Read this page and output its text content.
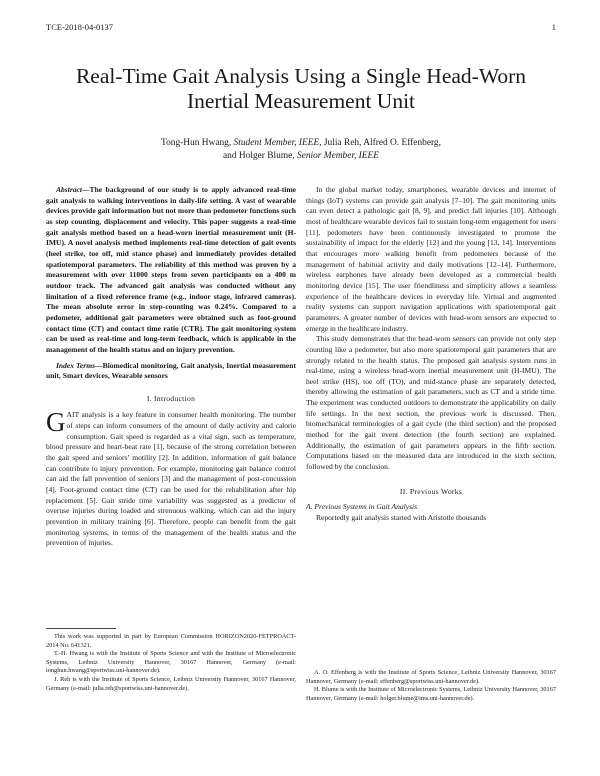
TCE-2018-04-0137	1
Real-Time Gait Analysis Using a Single Head-Worn Inertial Measurement Unit
Tong-Hun Hwang, Student Member, IEEE, Julia Reh, Alfred O. Effenberg,
and Holger Blume, Senior Member, IEEE

Abstract—The background of our study is to apply advanced real-time gait analysis to walking interventions in daily-life setting. A vast of wearable devices provide gait information but not more than pedometer functions such as step counting, displacement and velocity. This paper suggests a real-time gait analysis method based on a head-worn inertial measurement unit (H-IMU). A novel analysis method implements real-time detection of gait events (heel strike, toe off, mid stance phase) and immediately provides detailed spatiotemporal parameters. The reliability of this method was proven by a measurement with over 11000 steps from seven participants on a 400 m outdoor track. The advanced gait analysis was conducted without any limitation of a fixed reference frame (e.g., indoor stage, infrared cameras). The mean absolute error in step-counting was 0.24%. Compared to a pedometer, additional gait parameters were obtained such as foot-ground contact time (CT) and contact time ratio (CTR). The gait monitoring system can be used as real-time and long-term feedback, which is applicable in the management of the health status and on injury prevention.

Index Terms—Biomedical monitoring, Gait analysis, Inertial measurement unit, Smart devices, Wearable sensors

I. Introduction

GAIT analysis is a key feature in consumer health monitoring. The number of steps can inform consumers of the amount of daily activity and calorie consumption. Gait speed is regarded as a vital sign, such as temperature, blood pressure and heart-beat rate [1], because of the strong correlation between the gait speed and seniors’ motility [2]. In addition, information of gait balance can contribute to injury prevention. For example, monitoring gait balance control can aid the fall prevention of seniors [3] and the management of post-concussion [4]. Foot-ground contact time (CT) can be used for the rehabilitation after hip replacement [5]. Gait stride time variability was suggested as a predictor of overuse injuries during loaded and strenuous walking, which can aid the injury prevention in military training [6]. Therefore, people can benefit from the gait monitoring systems, in terms of the management of the health status and the prevention of injuries.

In the global market today, smartphones, wearable devices and internet of things (IoT) systems can provide gait analysis [7–10]. The gait monitoring units can even detect a pathologic gait [8, 9], and predict fall injuries [10]. Although most of healthcare wearable devices fail to sustain long-term engagement for users [11], pedometers have been continuously investigated to promote the sustainability of impact for the elderly [12] and the young [13, 14]. Interventions that encourages more walking benefit from pedometers because of the management of habitual activity and daily motivations [12–14]. Furthermore, wireless earphones have already been developed as a commercial health monitoring device [15]. The user friendliness and simplicity allows a seamless experience of the healthcare devices in everyday life. Virtual and augmented reality systems can support navigation applications with spatiotemporal gait parameters. A greater number of devices with head-worn sensors are expected to emerge in the healthcare industry.

This study demonstrates that the head-worn sensors can provide not only step counting like a pedometer, but also more spatiotemporal gait parameters that are strongly related to the health status. The proposed gait analysis system runs in real-time, using a wireless head-worn inertial measurement unit (H-IMU). The heel strike (HS), toe off (TO), and mid-stance phase are separately detected, thereby allowing the estimation of gait parameters, such as CT and a stride time. The experiment was conducted outdoors to demonstrate the applicability on daily life settings. In the next section, the previous work is discussed. Then, biomechanical terminologies of a gait cycle (the third section) and the proposed method for the gait event detection (the fourth section) are explained. Additionally, the estimation of gait parameters appears in the fifth section. Computations based on the measured data are introduced in the sixth section, followed by the conclusion.

II. Previous Works

A. Previous Systems in Gait Analysis

Reportedly gait analysis started with Aristotle thousands

This work was supported in part by European Commission HORIZON2020-FETPROACT-2014 No. 641321.

T.-H. Hwang is with the Institute of Sports Science and with the Institute of Microelectronic Systems, Leibniz University Hannover, 30167 Hannover, Germany (e-mail: tonghun.hwang@sportwiss.uni-hannover.de).

J. Reh is with the Institute of Sports Science, Leibniz University Hannover, 30167 Hannover, Germany (e-mail: julia.reh@sportwiss.uni-hannover.de).

A. O. Effenberg is with the Institute of Sports Science, Leibniz University Hannover, 30167 Hannover, Germany (e-mail: effenberg@sportwiss.uni-hannover.de).

H. Blume is with the Institute of Microelectronic Systems, Leibniz University Hannover, 30167 Hannover, Germany (e-mail: holger.blume@ims.uni-hannover.de).
